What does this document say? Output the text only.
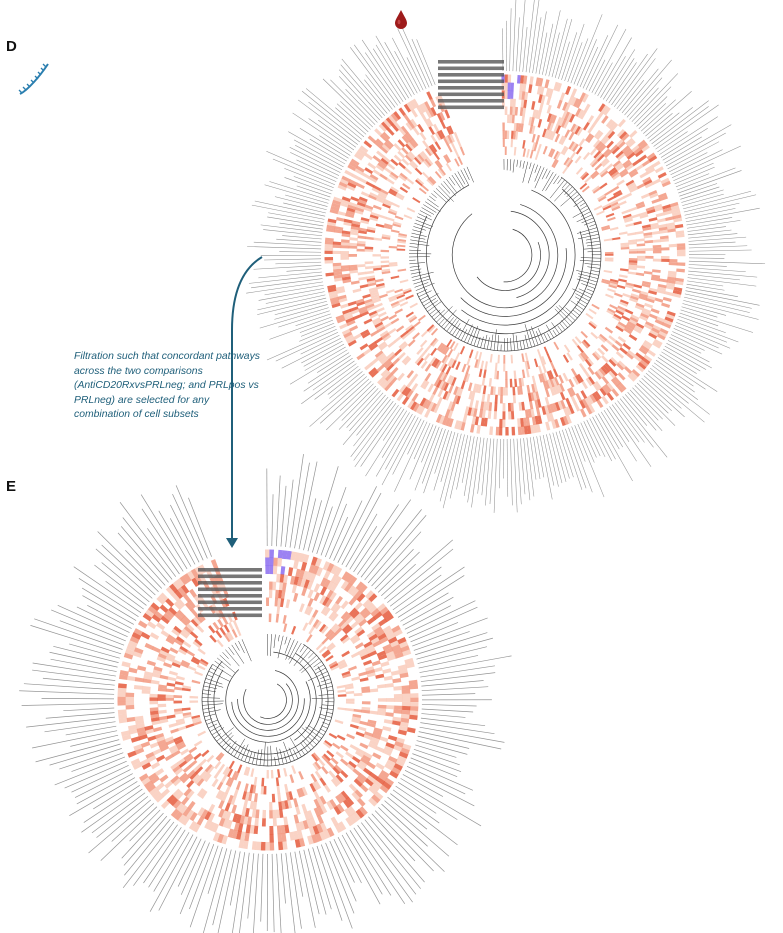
D
E
Filtration such that concordant pathways across the two comparisons (AntiCD20RxvsPRLneg; and PRLpos vs PRLneg) are selected for any combination of cell subsets
